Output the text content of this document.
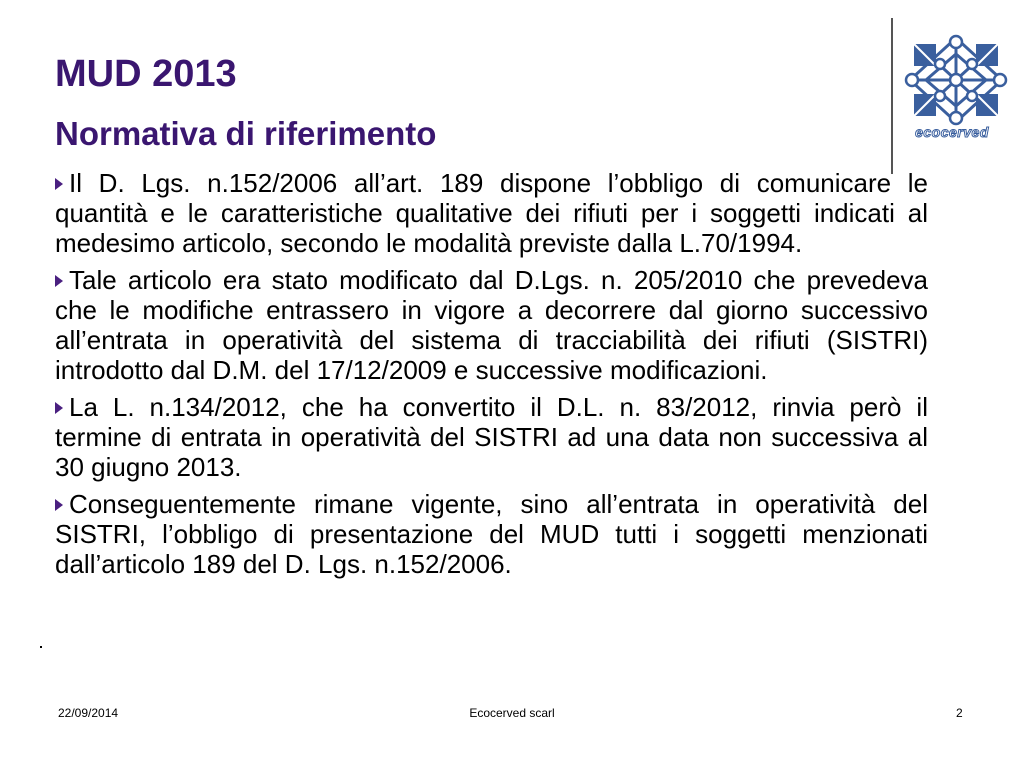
MUD 2013
Normativa di riferimento	ecocerved
Il D. Lgs. n.152/2006 all’art. 189 dispone l’obbligo di comunicare le quantità e le caratteristiche qualitative dei rifiuti per i soggetti indicati al medesimo articolo, secondo le modalità previste dalla L.70/1994.
Tale articolo era stato modificato dal D.Lgs. n. 205/2010 che prevedeva che le modifiche entrassero in vigore a decorrere dal giorno successivo all’entrata in operatività del sistema di tracciabilità dei rifiuti (SISTRI) introdotto dal D.M. del 17/12/2009 e successive modificazioni.
La L. n.134/2012, che ha convertito il D.L. n. 83/2012, rinvia però il termine di entrata in operatività del SISTRI ad una data non successiva al 30 giugno 2013.
Conseguentemente rimane vigente, sino all’entrata in operatività del SISTRI, l’obbligo di presentazione del MUD tutti i soggetti menzionati dall’articolo 189 del D. Lgs. n.152/2006.
22/09/2014	Ecocerved scarl	2
